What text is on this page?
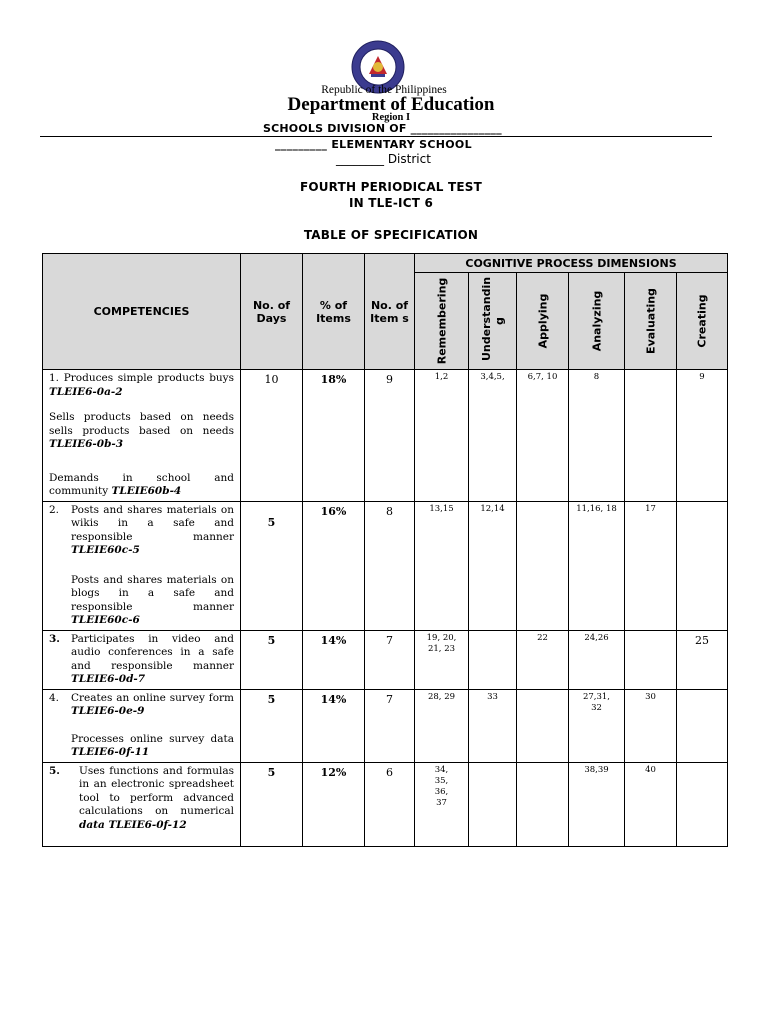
Republic of the Philippines
Department of Education
Region I
SCHOOLS DIVISION OF ________________
_________ ELEMENTARY SCHOOL
________ District
FOURTH PERIODICAL TEST
IN TLE-ICT 6
TABLE OF SPECIFICATION
COMPETENCIES	No. of Days	% of Items	No. of Item s	COGNITIVE PROCESS DIMENSIONS					

				Remembering	Understandin g	Applying	Analyzing	Evaluating	Creating

1. Produces simple products buys TLEIE6-0a-2

Sells products based on needs sells products based on needs TLEIE6-0b-3

Demands in school and community TLEIE60b-4	10	18%	9	1,2	3,4,5,	6,7, 10	8		9

2. Posts and shares materials on wikis in a safe and responsible manner TLEIE60c-5

Posts and shares materials on blogs in a safe and responsible manner TLEIE60c-6	5	16%	8	13,15	12,14		11,16, 18	17	

3. Participates in video and audio conferences in a safe and responsible manner TLEIE6-0d-7	5	14%	7	19, 20, 21, 23		22	24,26		25

4. Creates an online survey form TLEIE6-0e-9

Processes online survey data TLEIE6-0f-11	5	14%	7	28, 29	33		27,31, 32	30	

5. Uses functions and formulas in an electronic spreadsheet tool to perform advanced calculations on numerical data TLEIE6-0f-12	5	12%	6	34, 35, 36, 37			38,39	40	
